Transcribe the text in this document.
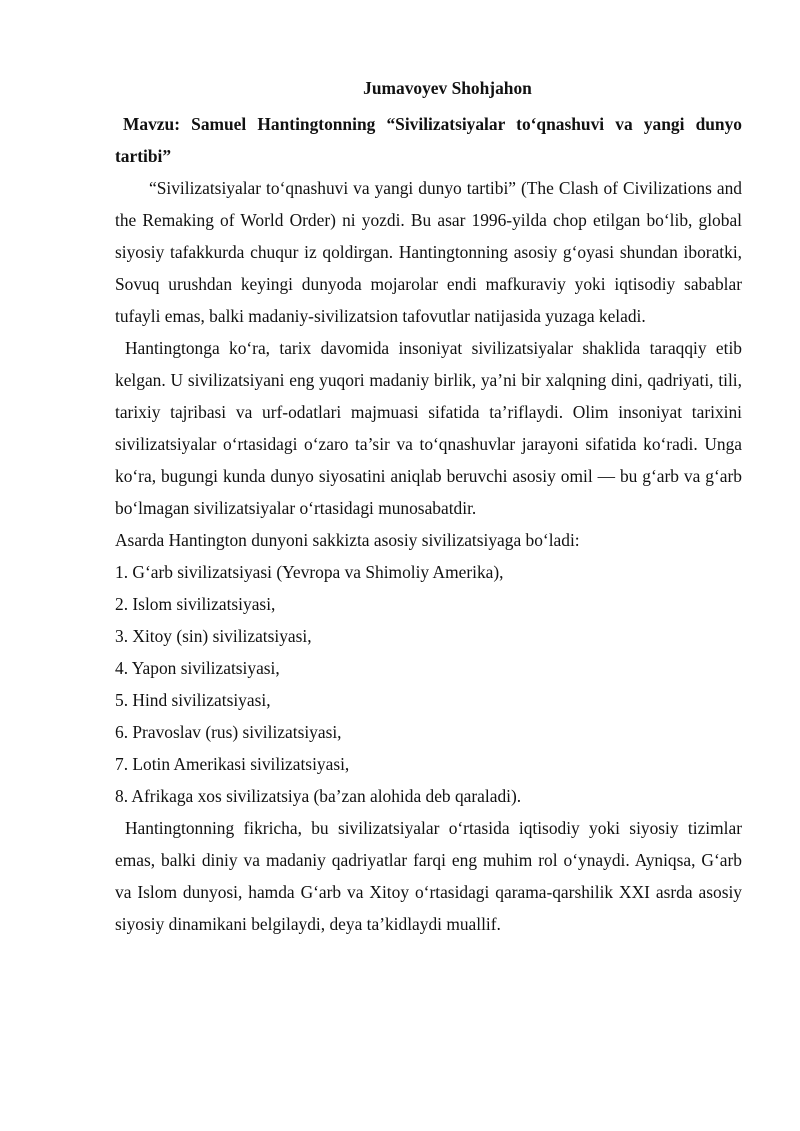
Jumavoyev Shohjahon
Mavzu: Samuel Hantingtonning “Sivilizatsiyalar to‘qnashuvi va yangi dunyo tartibi”

“Sivilizatsiyalar to‘qnashuvi va yangi dunyo tartibi” (The Clash of Civilizations and the Remaking of World Order) ni yozdi. Bu asar 1996-yilda chop etilgan bo‘lib, global siyosiy tafakkurda chuqur iz qoldirgan. Hantingtonning asosiy g‘oyasi shundan iboratki, Sovuq urushdan keyingi dunyoda mojarolar endi mafkuraviy yoki iqtisodiy sabablar tufayli emas, balki madaniy-sivilizatsion tafovutlar natijasida yuzaga keladi.

Hantingtonga ko‘ra, tarix davomida insoniyat sivilizatsiyalar shaklida taraqqiy etib kelgan. U sivilizatsiyani eng yuqori madaniy birlik, ya’ni bir xalqning dini, qadriyati, tili, tarixiy tajribasi va urf-odatlari majmuasi sifatida ta’riflaydi. Olim insoniyat tarixini sivilizatsiyalar o‘rtasidagi o‘zaro ta’sir va to‘qnashuvlar jarayoni sifatida ko‘radi. Unga ko‘ra, bugungi kunda dunyo siyosatini aniqlab beruvchi asosiy omil — bu g‘arb va g‘arb bo‘lmagan sivilizatsiyalar o‘rtasidagi munosabatdir.

Asarda Hantington dunyoni sakkizta asosiy sivilizatsiyaga bo‘ladi:

1. G‘arb sivilizatsiyasi (Yevropa va Shimoliy Amerika),

2. Islom sivilizatsiyasi,

3. Xitoy (sin) sivilizatsiyasi,

4. Yapon sivilizatsiyasi,

5. Hind sivilizatsiyasi,

6. Pravoslav (rus) sivilizatsiyasi,

7. Lotin Amerikasi sivilizatsiyasi,

8. Afrikaga xos sivilizatsiya (ba’zan alohida deb qaraladi).

Hantingtonning fikricha, bu sivilizatsiyalar o‘rtasida iqtisodiy yoki siyosiy tizimlar emas, balki diniy va madaniy qadriyatlar farqi eng muhim rol o‘ynaydi. Ayniqsa, G‘arb va Islom dunyosi, hamda G‘arb va Xitoy o‘rtasidagi qarama-qarshilik XXI asrda asosiy siyosiy dinamikani belgilaydi, deya ta’kidlaydi muallif.
